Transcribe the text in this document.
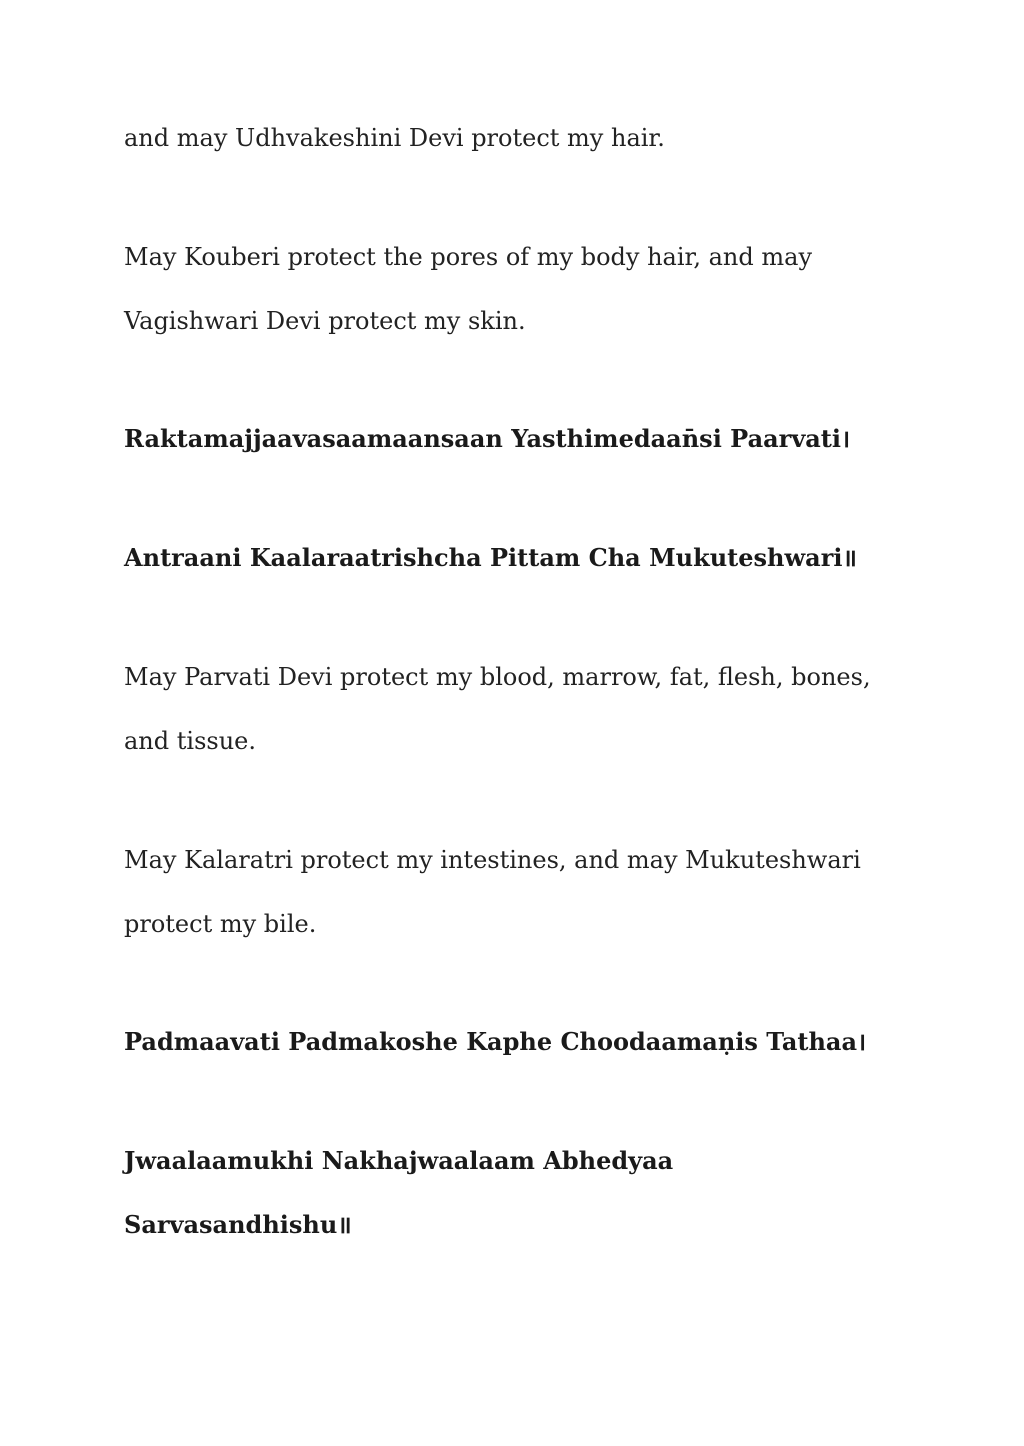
and may Udhvakeshini Devi protect my hair.

May Kouberi protect the pores of my body hair, and may Vagishwari Devi protect my skin.

Raktamajjaavasaamaansaan Yasthimedaan̄si Paarvati।

Antraani Kaalaraatrishcha Pittam Cha Mukuteshwari॥

May Parvati Devi protect my blood, marrow, fat, flesh, bones, and tissue.

May Kalaratri protect my intestines, and may Mukuteshwari protect my bile.

Padmaavati Padmakoshe Kaphe Choodaamaṇis Tathaa।

Jwaalaamukhi Nakhajwaalaam Abhedyaa Sarvasandhishu॥
